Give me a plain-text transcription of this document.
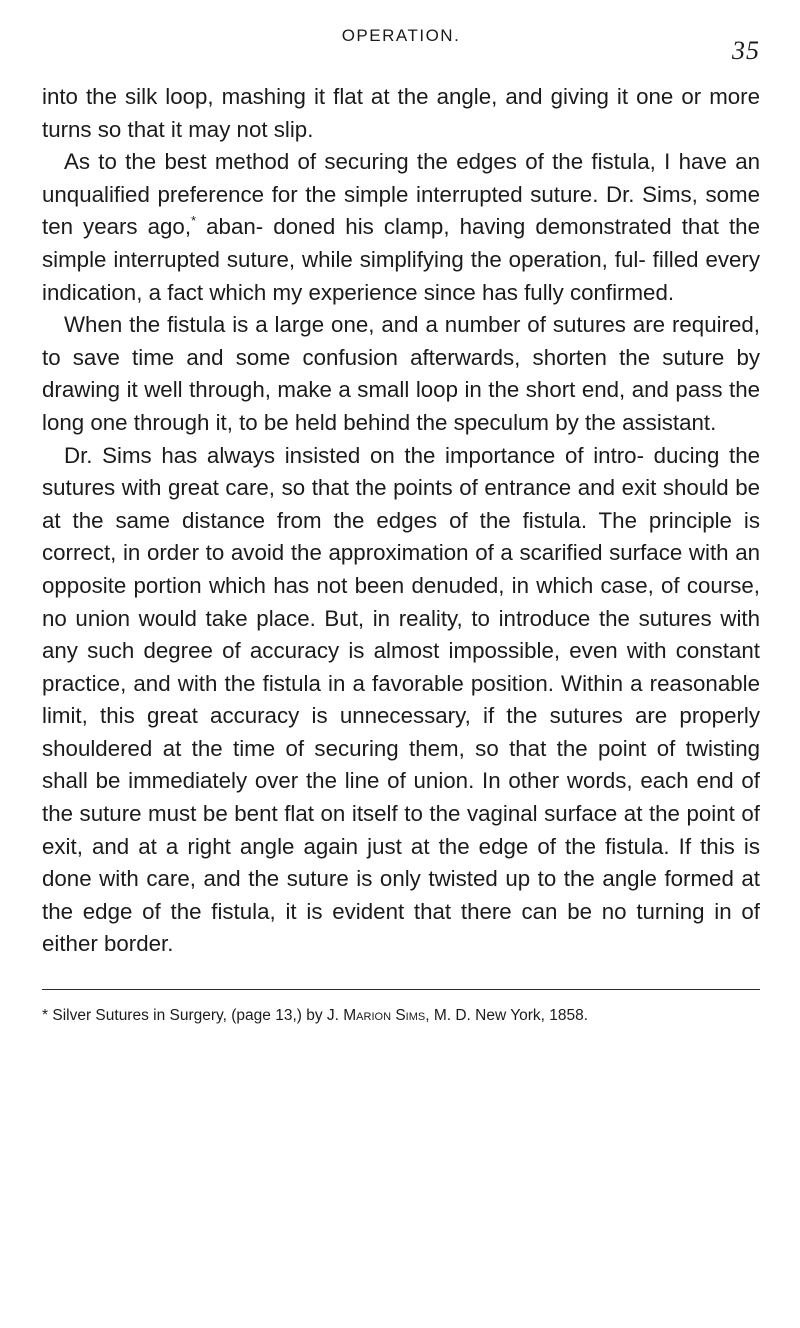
OPERATION.
35

into the silk loop, mashing it flat at the angle, and giving it one or more turns so that it may not slip.

As to the best method of securing the edges of the fistula, I have an unqualified preference for the simple interrupted suture. Dr. Sims, some ten years ago,* aban- doned his clamp, having demonstrated that the simple interrupted suture, while simplifying the operation, ful- filled every indication, a fact which my experience since has fully confirmed.

When the fistula is a large one, and a number of sutures are required, to save time and some confusion afterwards, shorten the suture by drawing it well through, make a small loop in the short end, and pass the long one through it, to be held behind the speculum by the assistant.

Dr. Sims has always insisted on the importance of intro- ducing the sutures with great care, so that the points of entrance and exit should be at the same distance from the edges of the fistula. The principle is correct, in order to avoid the approximation of a scarified surface with an opposite portion which has not been denuded, in which case, of course, no union would take place. But, in reality, to introduce the sutures with any such degree of accuracy is almost impossible, even with constant practice, and with the fistula in a favorable position. Within a reasonable limit, this great accuracy is unnecessary, if the sutures are properly shouldered at the time of securing them, so that the point of twisting shall be immediately over the line of union. In other words, each end of the suture must be bent flat on itself to the vaginal surface at the point of exit, and at a right angle again just at the edge of the fistula. If this is done with care, and the suture is only twisted up to the angle formed at the edge of the fistula, it is evident that there can be no turning in of either border.

* Silver Sutures in Surgery, (page 13,) by J. Marion Sims, M. D. New York, 1858.
